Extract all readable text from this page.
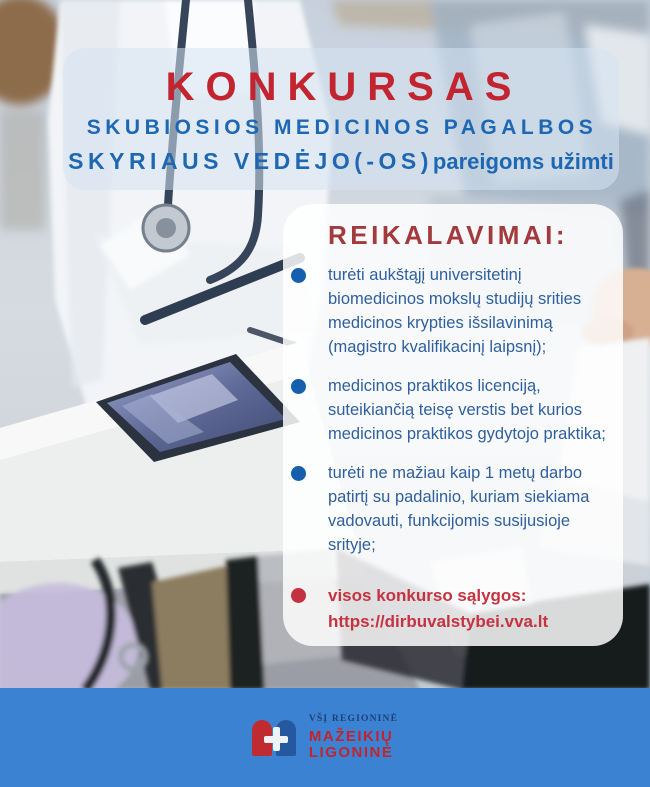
KONKURSAS
SKUBIOSIOS MEDICINOS PAGALBOS
SKYRIAUS VEDĖJO(-OS)pareigoms užimti
REIKALAVIMAI:

turėti aukštąjį universitetinį biomedicinos mokslų studijų srities medicinos krypties išsilavinimą (magistro kvalifikacinį laipsnį);

medicinos praktikos licenciją, suteikiančią teisę verstis bet kurios medicinos praktikos gydytojo praktika;

turėti ne mažiau kaip 1 metų darbo patirtį su padalinio, kuriam siekiama vadovauti, funkcijomis susijusioje srityje;

visos konkurso sąlygos:
https://dirbuvalstybei.vva.lt
VŠĮ REGIONINĖ
MAŽEIKIŲ
LIGONINĖ
